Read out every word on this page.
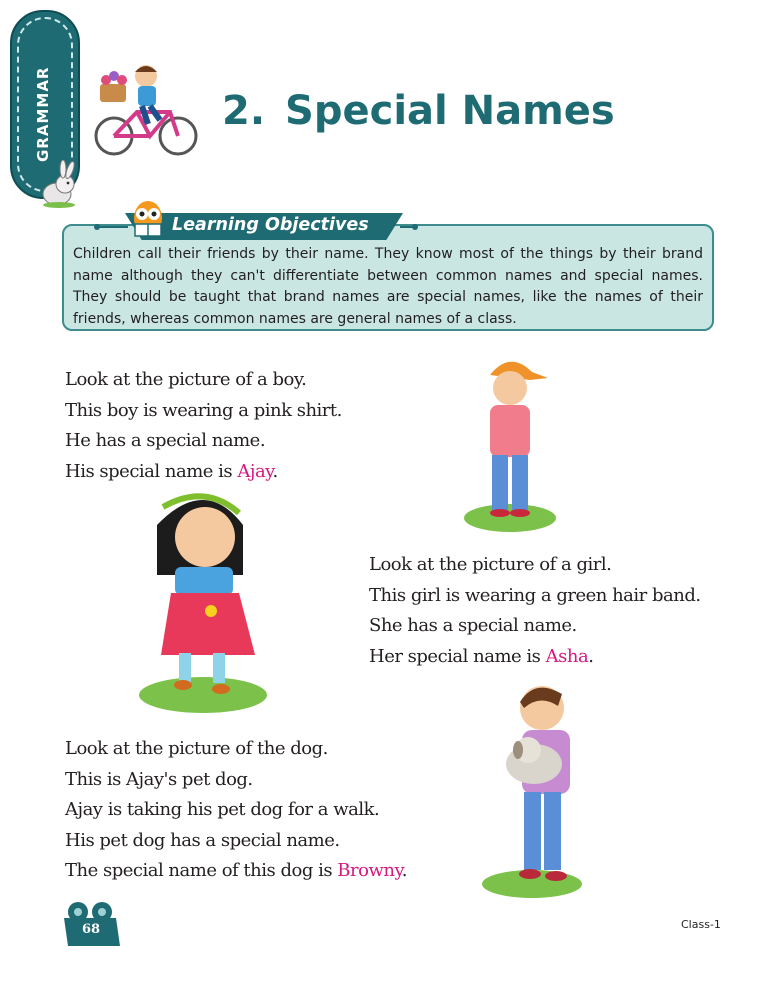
GRAMMAR	2. Special Names

Children call their friends by their name. They know most of the things by their brand name although they can't differentiate between common names and special names. They should be taught that brand names are special names, like the names of their friends, whereas common names are general names of a class.

Learning Objectives
Look at the picture of a boy.
This boy is wearing a pink shirt.
He has a special name.
His special name is Ajay.
Look at the picture of a girl.
This girl is wearing a green hair band.
She has a special name.
Her special name is Asha.
Look at the picture of the dog.
This is Ajay's pet dog.
Ajay is taking his pet dog for a walk.
His pet dog has a special name.
The special name of this dog is Browny.
68	Class-1
